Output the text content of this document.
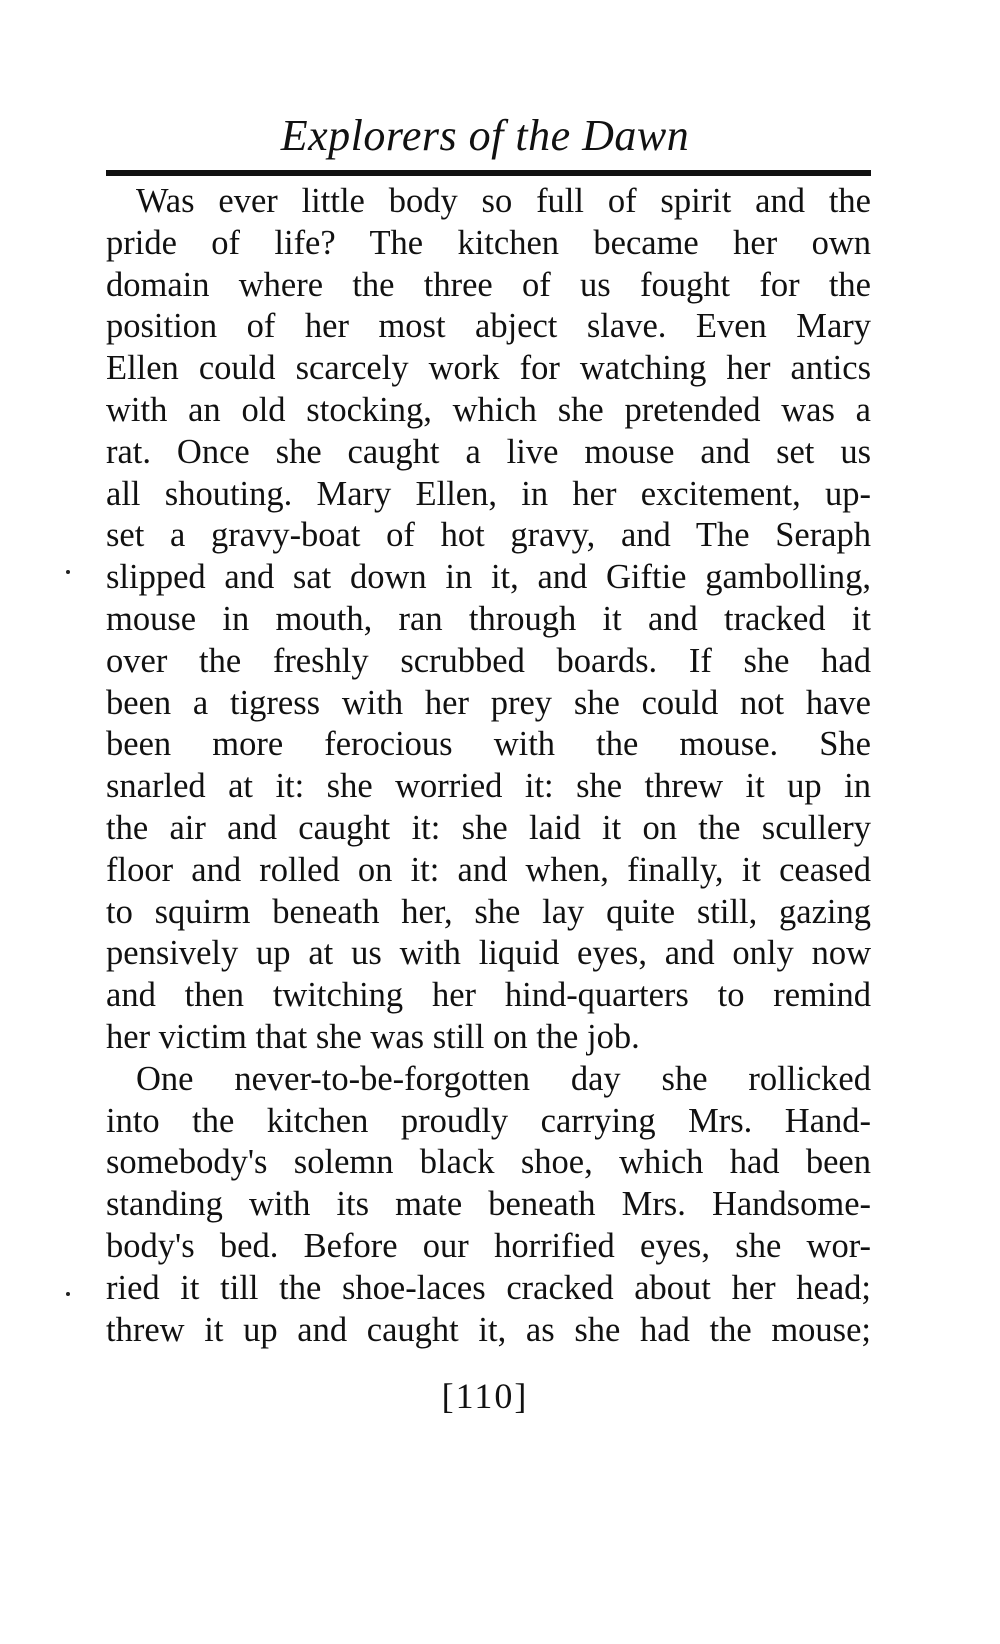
Explorers of the Dawn
Was ever little body so full of spirit and the
pride of life? The kitchen became her own
domain where the three of us fought for the
position of her most abject slave. Even Mary
Ellen could scarcely work for watching her antics
with an old stocking, which she pretended was a
rat. Once she caught a live mouse and set us
all shouting. Mary Ellen, in her excitement, up-
set a gravy-boat of hot gravy, and The Seraph
slipped and sat down in it, and Giftie gambolling,
mouse in mouth, ran through it and tracked it
over the freshly scrubbed boards. If she had
been a tigress with her prey she could not have
been more ferocious with the mouse. She
snarled at it: she worried it: she threw it up in
the air and caught it: she laid it on the scullery
floor and rolled on it: and when, finally, it ceased
to squirm beneath her, she lay quite still, gazing
pensively up at us with liquid eyes, and only now
and then twitching her hind-quarters to remind
her victim that she was still on the job.
One never-to-be-forgotten day she rollicked
into the kitchen proudly carrying Mrs. Hand-
somebody's solemn black shoe, which had been
standing with its mate beneath Mrs. Handsome-
body's bed. Before our horrified eyes, she wor-
ried it till the shoe-laces cracked about her head;
threw it up and caught it, as she had the mouse;
[110]
